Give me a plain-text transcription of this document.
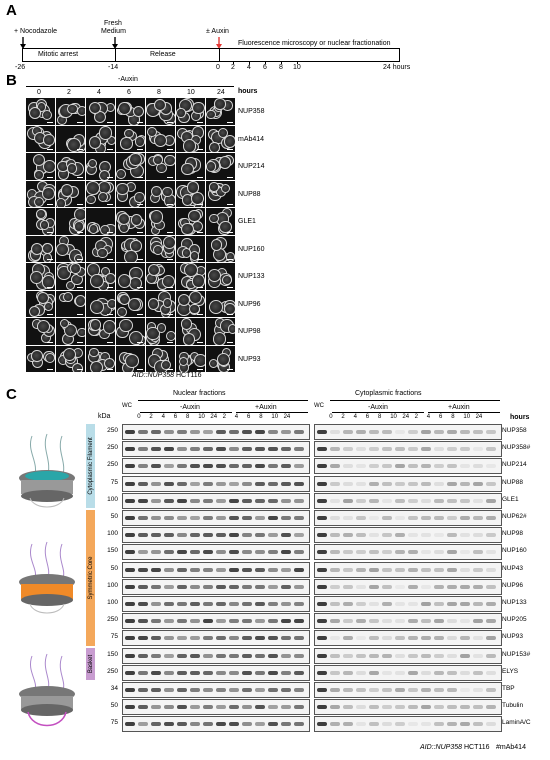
A
B
C
+ Nocodazole
Fresh
Medium	± Auxin
Mitotic arrest	Release
Fluorescence microscopy or nuclear fractionation
-26	-14	0 2 4 6 8 10	24 hours
-Auxin
hours
0	2	4	6	8	10	24
NUP358
mAb414
NUP214
NUP88
GLE1
NUP160
NUP133
NUP96
NUP98
NUP93
AID::NUP358 HCT116
Nuclear fractions	Cytoplasmic fractions
-Auxin	+Auxin	-Auxin	+Auxin
kDa	hours
WC
0 2 4 6 8 10 24 2 4 6 8 10 24
WC
0 2 4 6 8 10 24 2 4 6 8 10 24
Cytoplasmic Filament
Symmetric Core
Basket
250	NUP358
250	NUP358#
250	NUP214
75	NUP88
100	GLE1
50	NUP62#
100	NUP98
150	NUP160
50	NUP43
100	NUP96
100	NUP133
250	NUP205
75	NUP93
150	NUP153#
250	ELYS
34	TBP
50	Tubulin
75	LaminA/C
AID::NUP358 HCT116 #mAb414
